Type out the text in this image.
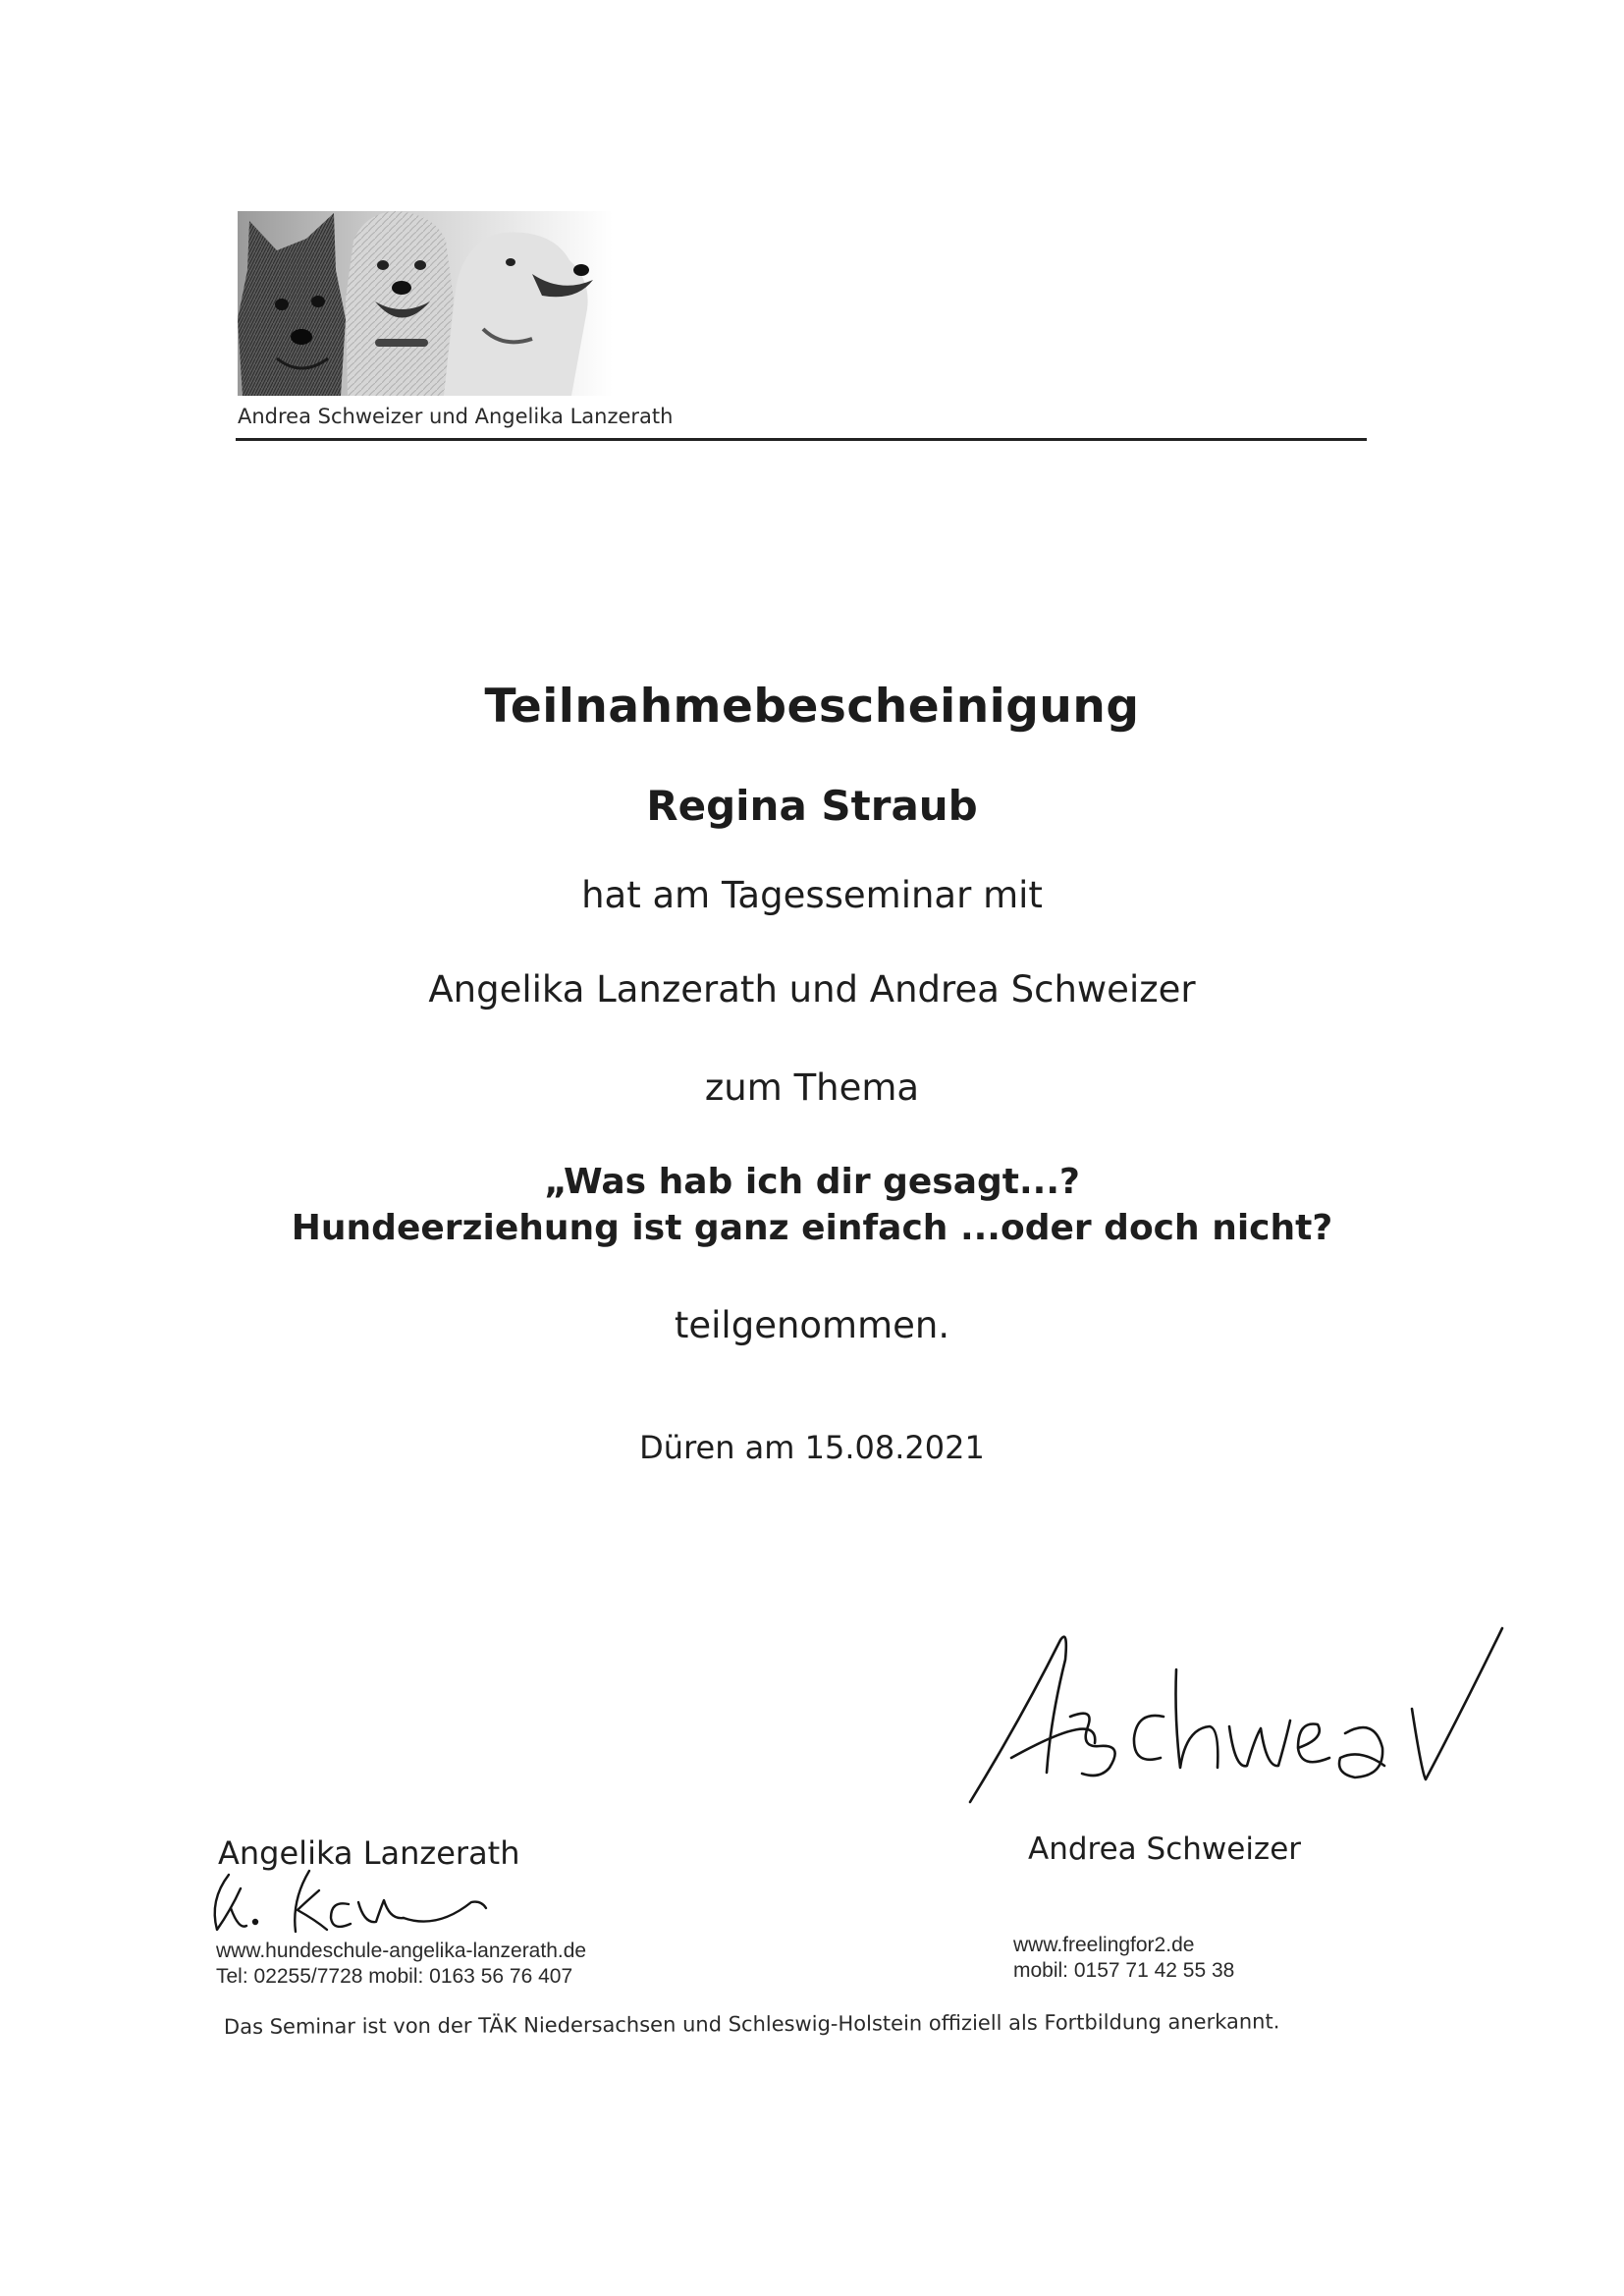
Andrea Schweizer und Angelika Lanzerath
Teilnahmebescheinigung
Regina Straub
hat am Tagesseminar mit
Angelika Lanzerath und Andrea Schweizer
zum Thema
„Was hab ich dir gesagt...?
Hundeerziehung ist ganz einfach ...oder doch nicht?
teilgenommen.
Düren am 15.08.2021
Andrea Schweizer
Angelika Lanzerath
www.hundeschule-angelika-lanzerath.de
Tel: 02255/7728 mobil: 0163 56 76 407
www.freelingfor2.de
mobil: 0157 71 42 55 38
Das Seminar ist von der TÄK Niedersachsen und Schleswig-Holstein offiziell als Fortbildung anerkannt.
